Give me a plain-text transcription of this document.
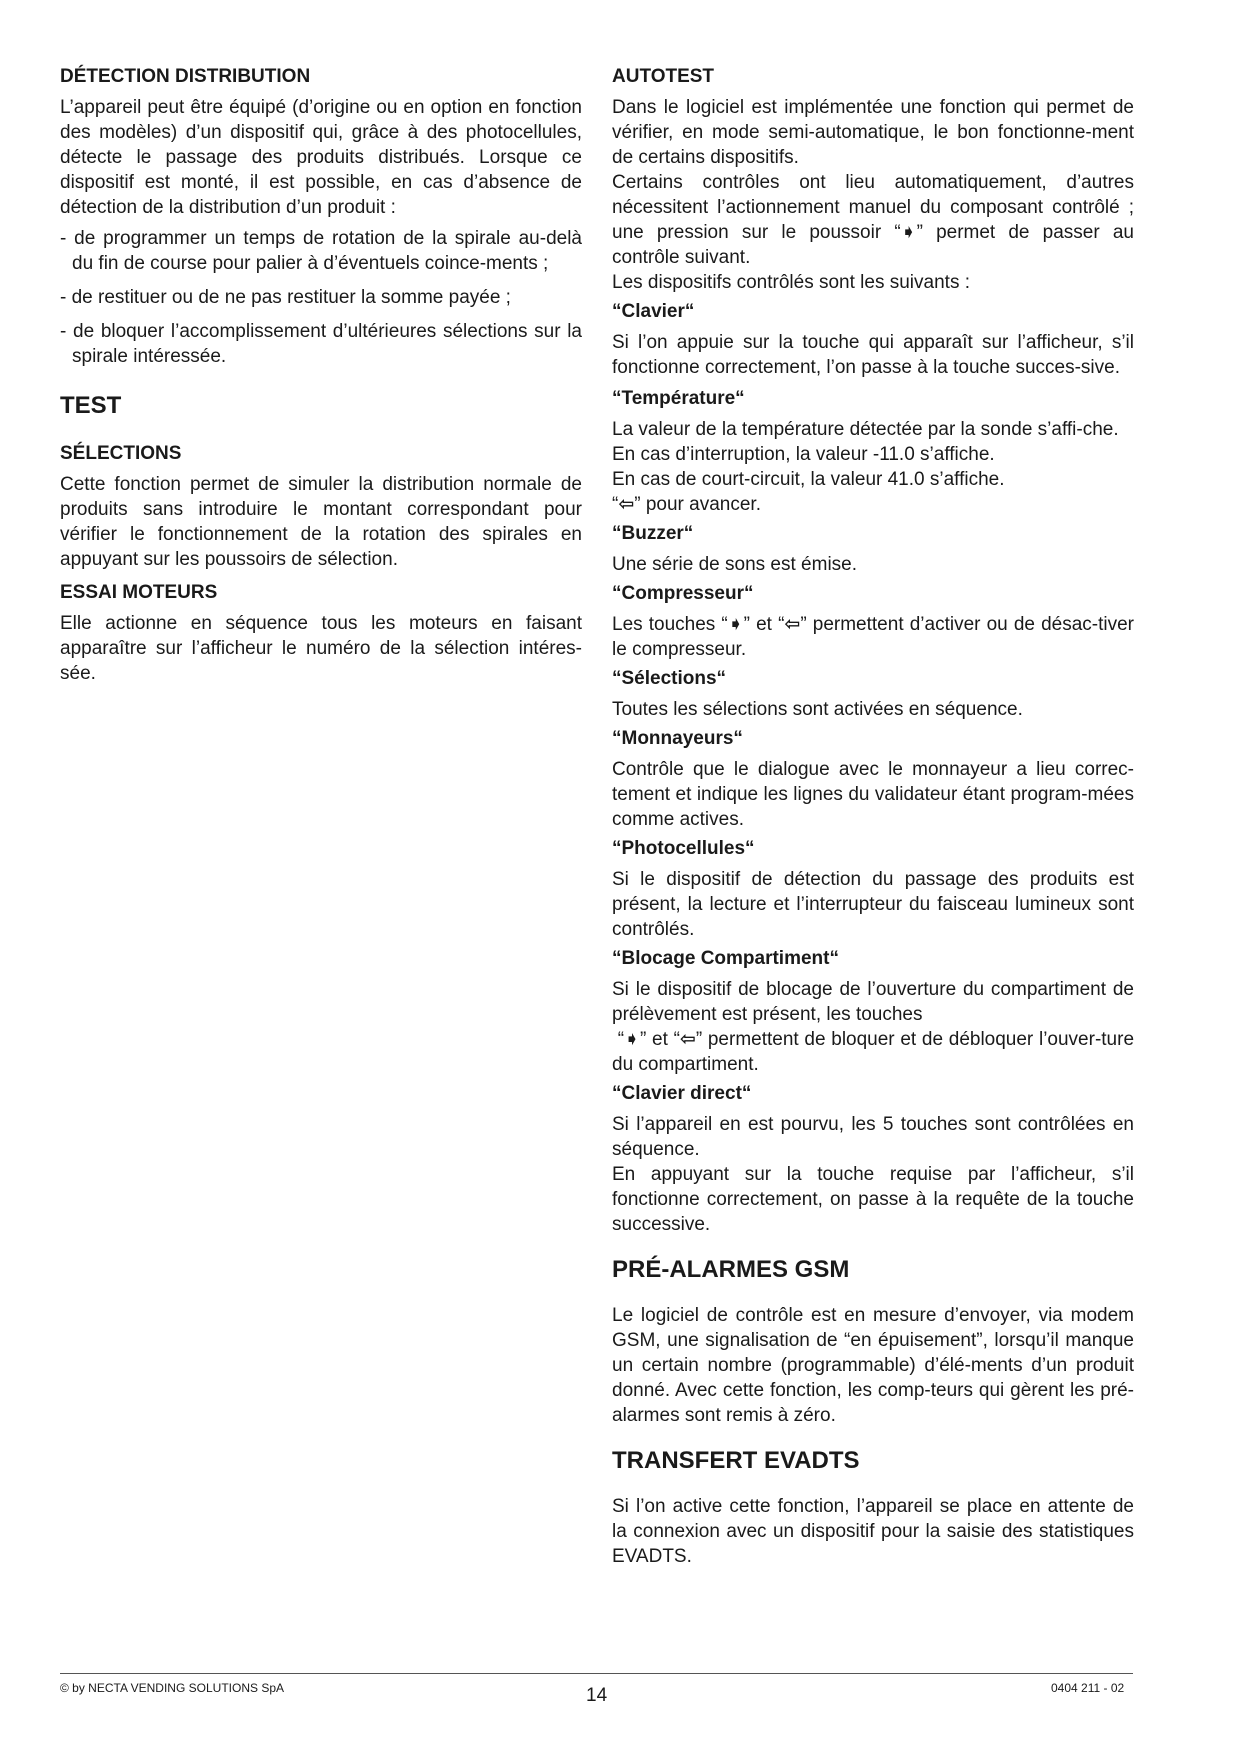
DÉTECTION DISTRIBUTION

L’appareil peut être équipé (d’origine ou en option en fonction des modèles) d’un dispositif qui, grâce à des photocellules, détecte le passage des produits distribués. Lorsque ce dispositif est monté, il est possible, en cas d’absence de détection de la distribution d’un produit :

- de programmer un temps de rotation de la spirale au-delà du fin de course pour palier à d’éventuels coince-ments ;

- de restituer ou de ne pas restituer la somme payée ;

- de bloquer l’accomplissement d’ultérieures sélections sur la spirale intéressée.

TEST

SÉLECTIONS

Cette fonction permet de simuler la distribution normale de produits sans introduire le montant correspondant pour vérifier le fonctionnement de la rotation des spirales en appuyant sur les poussoirs de sélection.

ESSAI MOTEURS

Elle actionne en séquence tous les moteurs en faisant apparaître sur l’afficheur le numéro de la sélection intéres-sée.

AUTOTEST

Dans le logiciel est implémentée une fonction qui permet de vérifier, en mode semi-automatique, le bon fonctionne-ment de certains dispositifs.

Certains contrôles ont lieu automatiquement, d’autres nécessitent l’actionnement manuel du composant contrôlé ; une pression sur le poussoir “➧” permet de passer au contrôle suivant.

Les dispositifs contrôlés sont les suivants :

“Clavier“

Si l’on appuie sur la touche qui apparaît sur l’afficheur, s’il fonctionne correctement, l’on passe à la touche succes-sive.

“Température“

La valeur de la température détectée par la sonde s’affi-che.

En cas d’interruption, la valeur -11.0 s’affiche.

En cas de court-circuit, la valeur 41.0 s’affiche.

“⇦” pour avancer.

“Buzzer“

Une série de sons est émise.

“Compresseur“

Les touches “➧” et “⇦” permettent d’activer ou de désac-tiver le compresseur.

“Sélections“

Toutes les sélections sont activées en séquence.

“Monnayeurs“

Contrôle que le dialogue avec le monnayeur a lieu correc-tement et indique les lignes du validateur étant program-mées comme actives.

“Photocellules“

Si le dispositif de détection du passage des produits est présent, la lecture et l’interrupteur du faisceau lumineux sont contrôlés.

“Blocage Compartiment“

Si le dispositif de blocage de l’ouverture du compartiment de prélèvement est présent, les touches

“➧” et “⇦” permettent de bloquer et de débloquer l’ouver-ture du compartiment.

“Clavier direct“

Si l’appareil en est pourvu, les 5 touches sont contrôlées en séquence.

En appuyant sur la touche requise par l’afficheur, s’il fonctionne correctement, on passe à la requête de la touche successive.

PRÉ-ALARMES GSM

Le logiciel de contrôle est en mesure d’envoyer, via modem GSM, une signalisation de “en épuisement”, lorsqu’il manque un certain nombre (programmable) d’élé-ments d’un produit donné. Avec cette fonction, les comp-teurs qui gèrent les pré-alarmes sont remis à zéro.

TRANSFERT EVADTS

Si l’on active cette fonction, l’appareil se place en attente de la connexion avec un dispositif pour la saisie des statistiques EVADTS.

© by NECTA VENDING SOLUTIONS SpA	14	0404 211 - 02
